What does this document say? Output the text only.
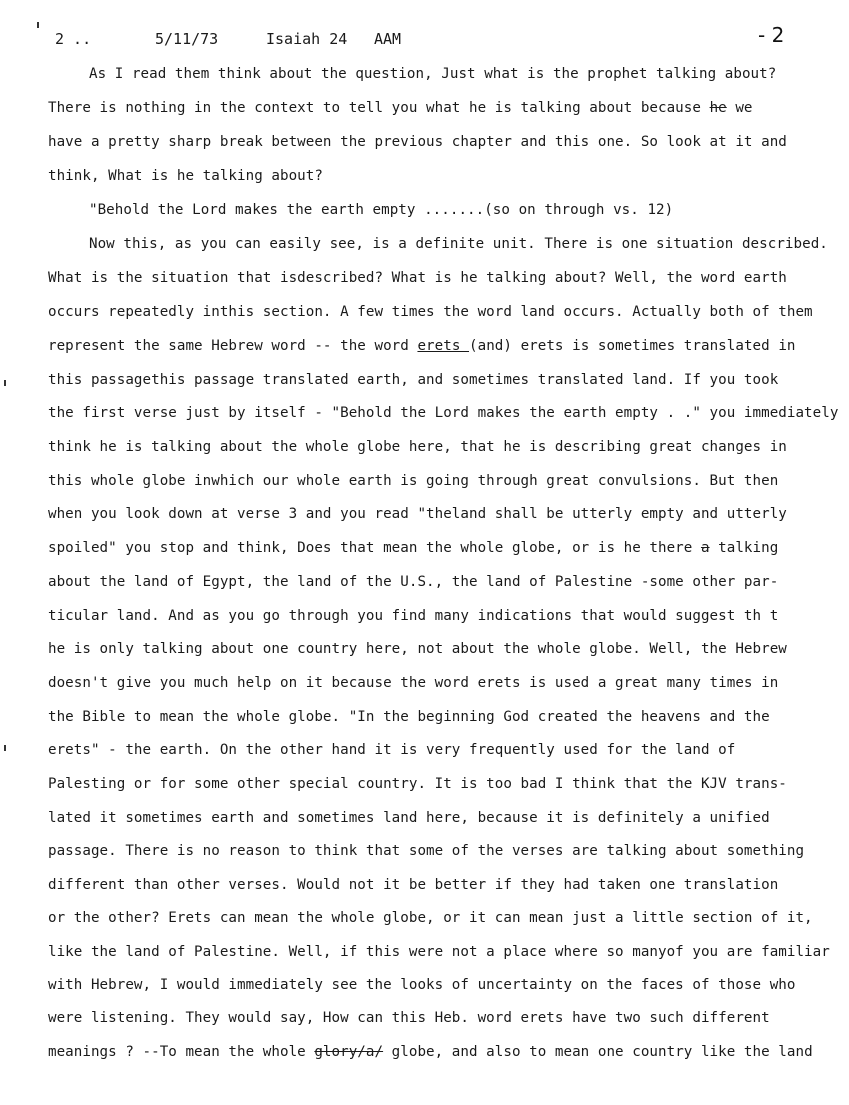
2 ..	5/11/73	Isaiah 24 AAM	- 2
As I read them think about the question, Just what is the prophet talking about?
There is nothing in the context to tell you what he is talking about because he we
have a pretty sharp break between the previous chapter and this one. So look at it and
think, What is he talking about?
"Behold the Lord makes the earth empty .......(so on through vs. 12)
Now this, as you can easily see, is a definite unit. There is one situation described.
What is the situation that isdescribed? What is he talking about? Well, the word earth
occurs repeatedly inthis section. A few times the word land occurs. Actually both of them
represent the same Hebrew word -- the word erets (and) erets is sometimes translated in
this passagethis passage translated earth, and sometimes translated land. If you took
the first verse just by itself - "Behold the Lord makes the earth empty . ." you immediately
think he is talking about the whole globe here, that he is describing great changes in
this whole globe inwhich our whole earth is going through great convulsions. But then
when you look down at verse 3 and you read "theland shall be utterly empty and utterly
spoiled" you stop and think, Does that mean the whole globe, or is he there a talking
about the land of Egypt, the land of the U.S., the land of Palestine -some other par-
ticular land. And as you go through you find many indications that would suggest th t
he is only talking about one country here, not about the whole globe. Well, the Hebrew
doesn't give you much help on it because the word erets is used a great many times in
the Bible to mean the whole globe. "In the beginning God created the heavens and the
erets" - the earth. On the other hand it is very frequently used for the land of
Palesting or for some other special country. It is too bad I think that the KJV trans-
lated it sometimes earth and sometimes land here, because it is definitely a unified
passage. There is no reason to think that some of the verses are talking about something
different than other verses. Would not it be better if they had taken one translation
or the other? Erets can mean the whole globe, or it can mean just a little section of it,
like the land of Palestine. Well, if this were not a place where so manyof you are familiar
with Hebrew, I would immediately see the looks of uncertainty on the faces of those who
were listening. They would say, How can this Heb. word erets have two such different
meanings ? --To mean the whole glory/a/ globe, and also to mean one country like the land
